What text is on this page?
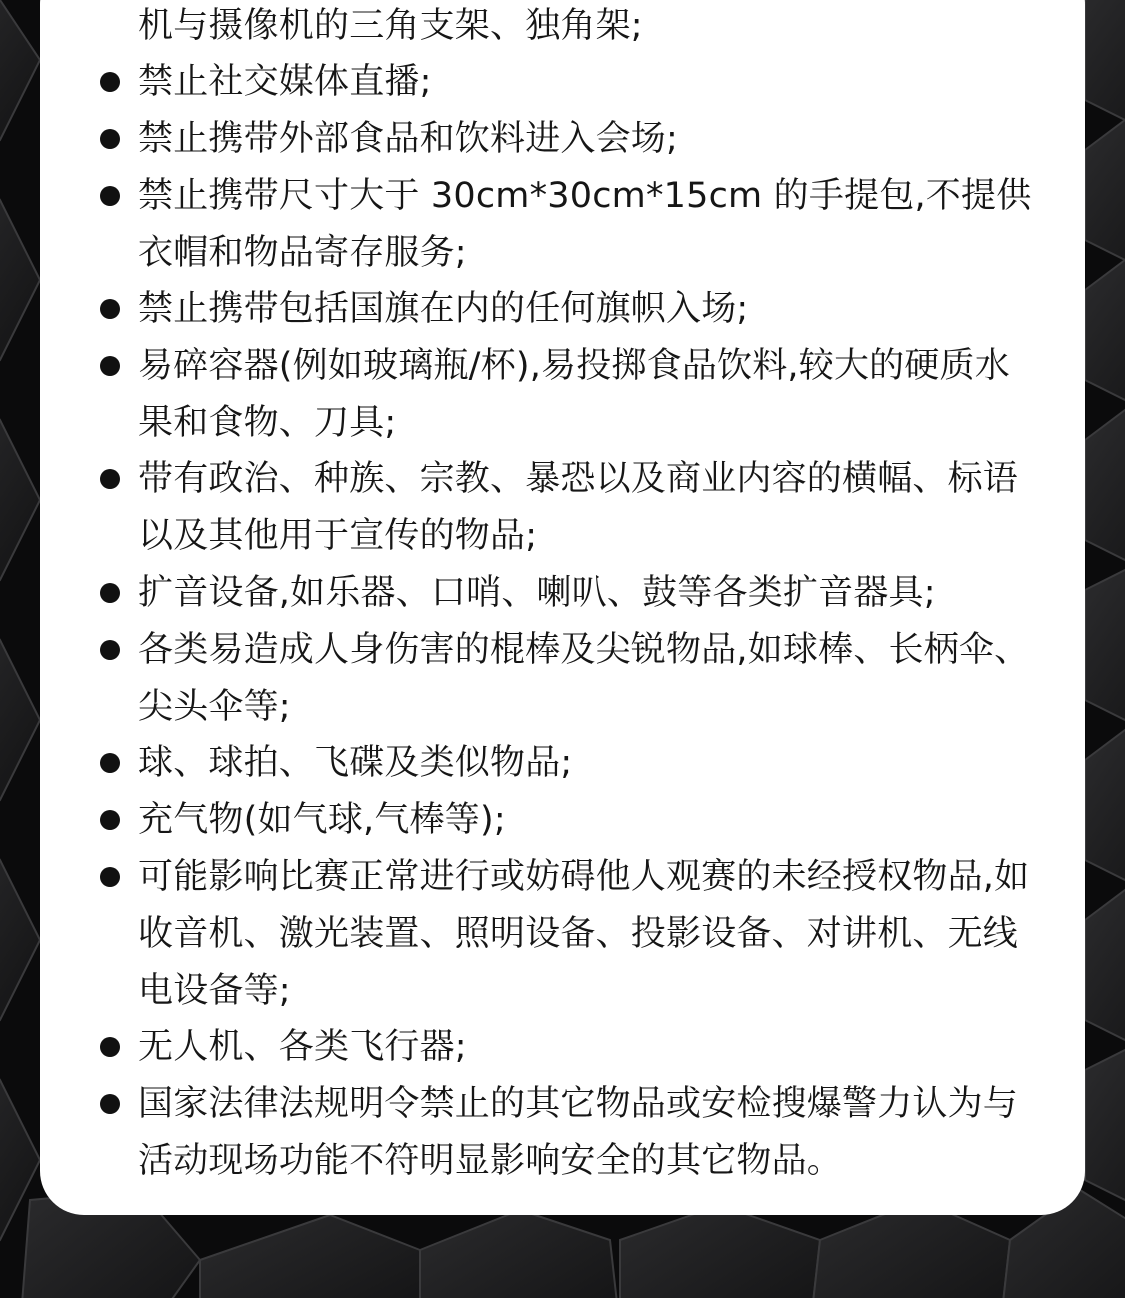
机与摄像机的三角支架、独角架;
禁止社交媒体直播;
禁止携带外部食品和饮料进入会场;
禁止携带尺寸大于 30cm*30cm*15cm 的手提包,不提供衣帽和物品寄存服务;
禁止携带包括国旗在内的任何旗帜入场;
易碎容器(例如玻璃瓶/杯),易投掷食品饮料,较大的硬质水果和食物、刀具;
带有政治、种族、宗教、暴恐以及商业内容的横幅、标语以及其他用于宣传的物品;
扩音设备,如乐器、口哨、喇叭、鼓等各类扩音器具;
各类易造成人身伤害的棍棒及尖锐物品,如球棒、长柄伞、尖头伞等;
球、球拍、飞碟及类似物品;
充气物(如气球,气棒等);
可能影响比赛正常进行或妨碍他人观赛的未经授权物品,如收音机、激光装置、照明设备、投影设备、对讲机、无线电设备等;
无人机、各类飞行器;
国家法律法规明令禁止的其它物品或安检搜爆警力认为与活动现场功能不符明显影响安全的其它物品。
